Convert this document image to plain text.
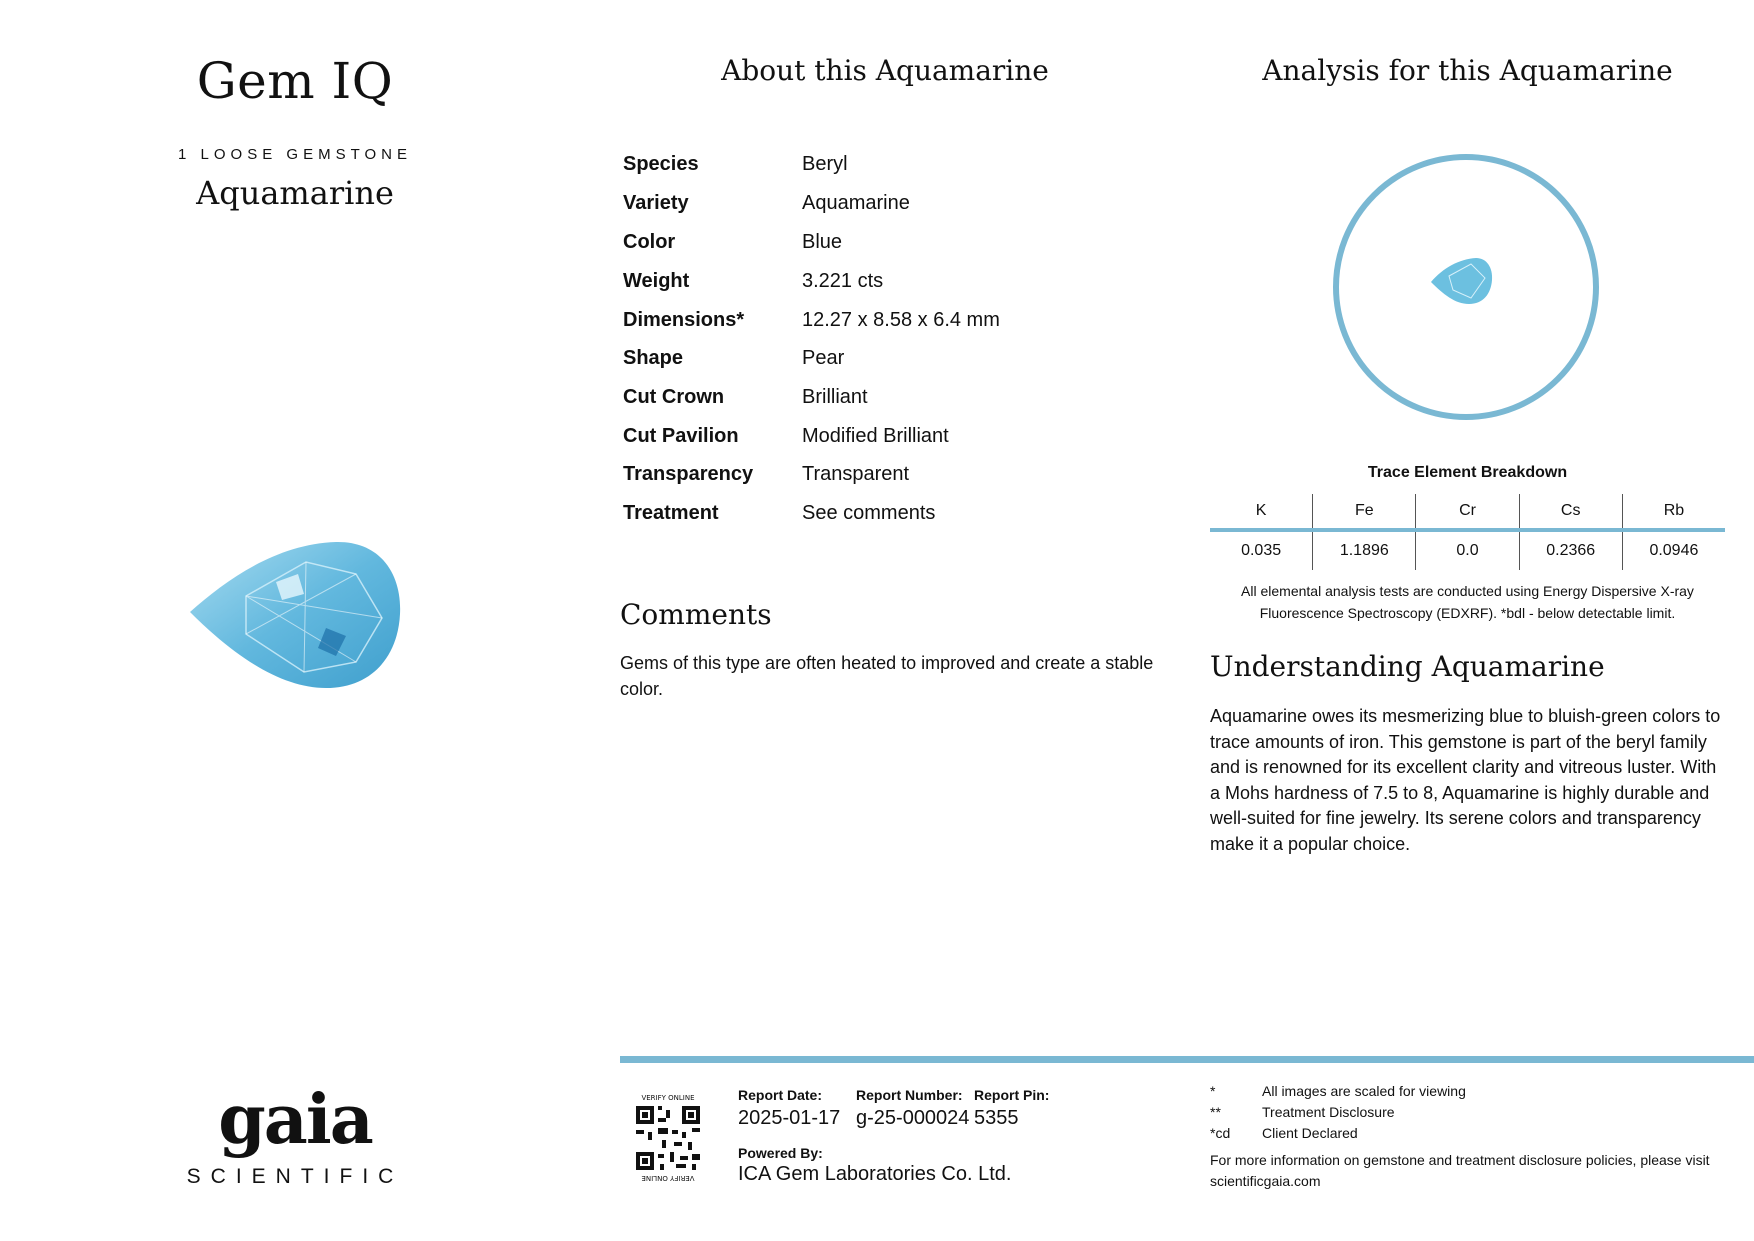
Gem IQ
1 LOOSE GEMSTONE
Aquamarine
gaia
SCIENTIFIC
About this Aquamarine
Species	Beryl
Variety	Aquamarine
Color	Blue
Weight	3.221 cts
Dimensions*	12.27 x 8.58 x 6.4 mm
Shape	Pear
Cut Crown	Brilliant
Cut Pavilion	Modified Brilliant
Transparency Transparent
Treatment	See comments
Comments
Gems of this type are often heated to improved and create a stable color.
Analysis for this Aquamarine
Trace Element Breakdown
K	Fe	Cr	Cs	Rb
0.035	1.1896	0.0	0.2366	0.0946
All elemental analysis tests are conducted using Energy Dispersive X-ray Fluorescence Spectroscopy (EDXRF). *bdl - below detectable limit.
Understanding Aquamarine
Aquamarine owes its mesmerizing blue to bluish-green colors to trace amounts of iron. This gemstone is part of the beryl family and is renowned for its excellent clarity and vitreous luster. With a Mohs hardness of 7.5 to 8, Aquamarine is highly durable and well-suited for fine jewelry. Its serene colors and transparency make it a popular choice.
VERIFY ONLINE
VERIFY ONLINE
Report Date:
2025-01-17
Report Number:
g-25-000024
Report Pin:
5355
Powered By:
ICA Gem Laboratories Co. Ltd.
*	All images are scaled for viewing
**	Treatment Disclosure
*cd Client Declared
For more information on gemstone and treatment disclosure policies, please visit scientificgaia.com
